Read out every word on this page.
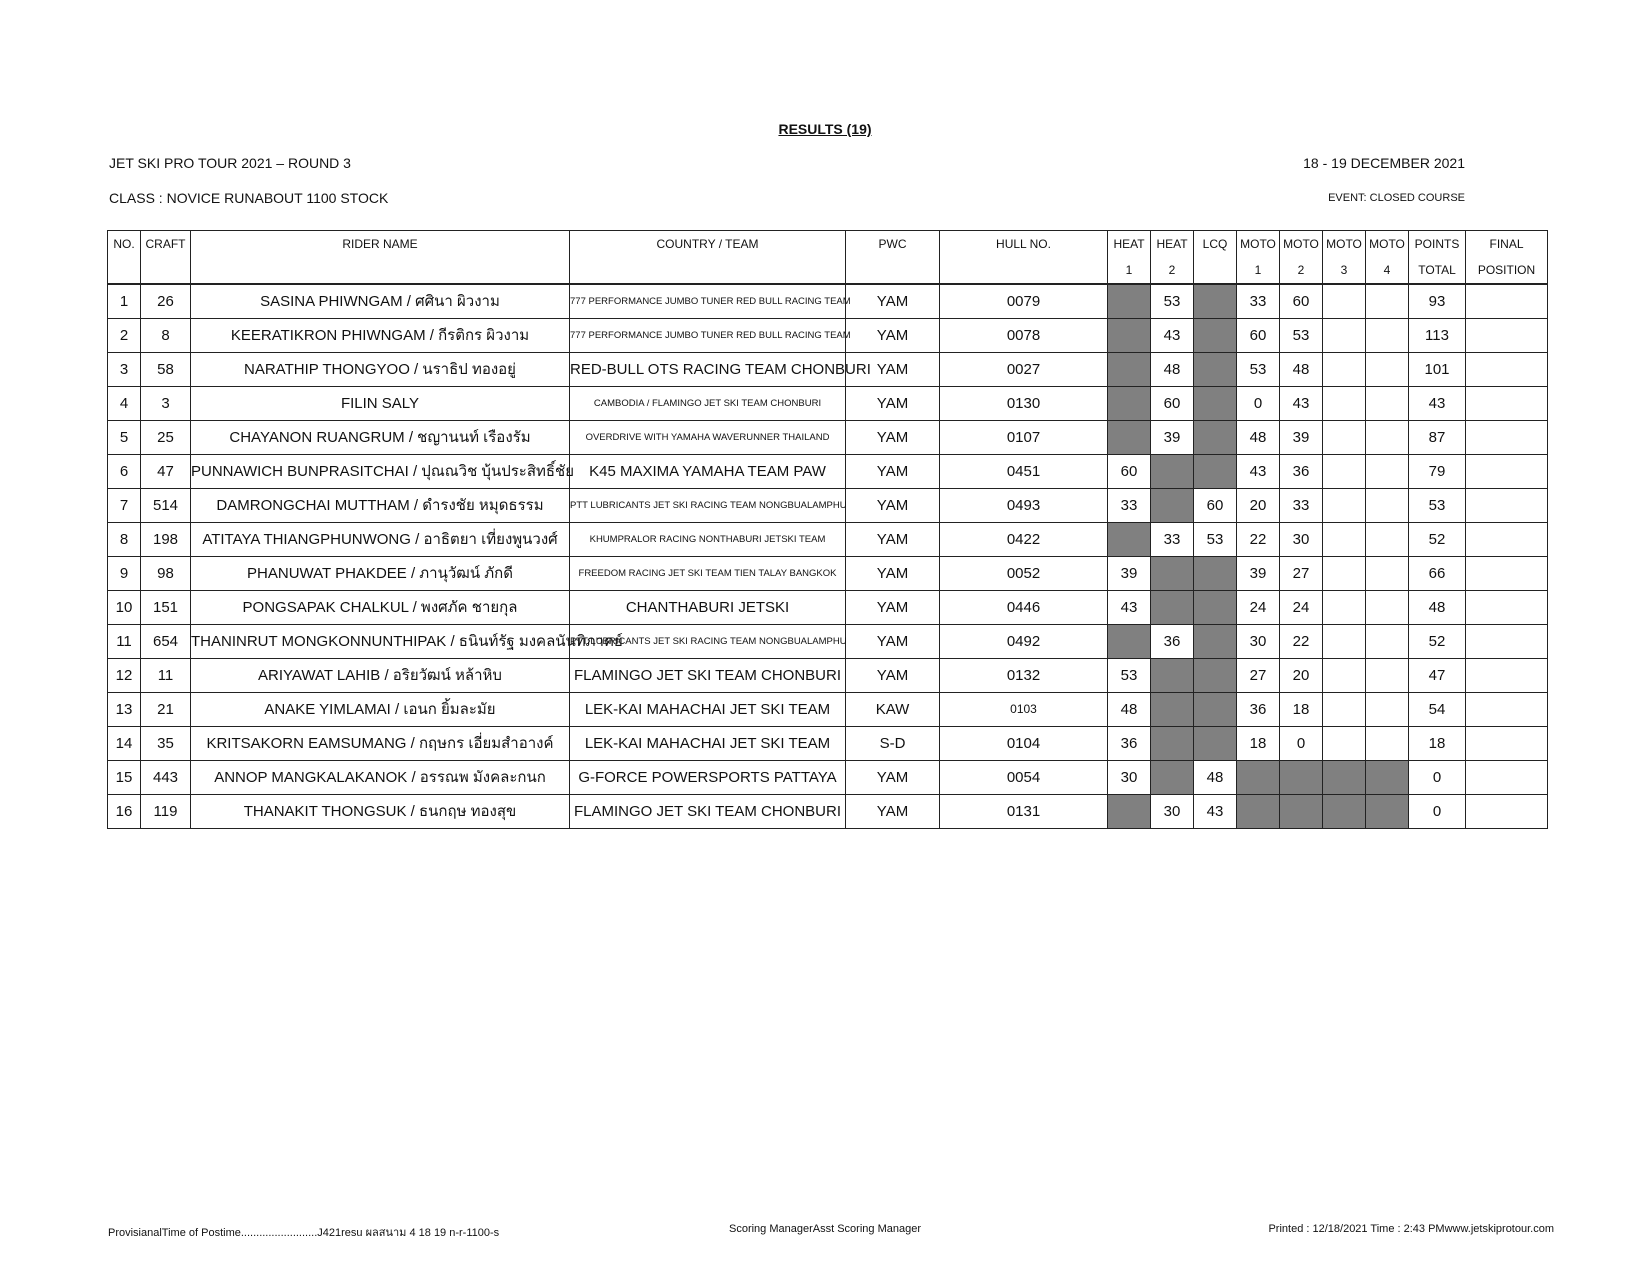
RESULTS (19)
JET SKI PRO TOUR 2021 – ROUND 3	18 - 19 DECEMBER 2021
CLASS : NOVICE RUNABOUT 1100 STOCK	EVENT: CLOSED COURSE
NO.	CRAFT	RIDER NAME	COUNTRY / TEAM	PWC	HULL NO.	HEAT	HEAT	LCQ	MOTO	MOTO	MOTO	MOTO	POINTS	FINAL
						1	2		1	2	3	4	TOTAL	POSITION
1	26	SASINA PHIWNGAM / ศศินา ผิวงาม	777 PERFORMANCE JUMBO TUNER RED BULL RACING TEAM	YAM	0079		53		33	60			93	
2	8	KEERATIKRON PHIWNGAM / กีรติกร ผิวงาม	777 PERFORMANCE JUMBO TUNER RED BULL RACING TEAM	YAM	0078		43		60	53			113	
3	58	NARATHIP THONGYOO / นราธิป ทองอยู่	RED-BULL OTS RACING TEAM CHONBURI	YAM	0027		48		53	48			101	
4	3	FILIN SALY	CAMBODIA / FLAMINGO JET SKI TEAM CHONBURI	YAM	0130		60		0	43			43	
5	25	CHAYANON RUANGRUM / ชญานนท์ เรืองรัม	OVERDRIVE WITH YAMAHA WAVERUNNER THAILAND	YAM	0107		39		48	39			87	
6	47	PUNNAWICH BUNPRASITCHAI / ปุณณวิช บุ้นประสิทธิ์ชัย	K45 MAXIMA YAMAHA TEAM PAW	YAM	0451	60			43	36			79	
7	514	DAMRONGCHAI MUTTHAM / ดำรงชัย หมุดธรรม	PTT LUBRICANTS JET SKI RACING TEAM NONGBUALAMPHU	YAM	0493	33		60	20	33			53	
8	198	ATITAYA THIANGPHUNWONG / อาธิตยา เที่ยงพูนวงศ์	KHUMPRALOR RACING NONTHABURI JETSKI TEAM	YAM	0422		33	53	22	30			52	
9	98	PHANUWAT PHAKDEE / ภานุวัฒน์ ภักดี	FREEDOM RACING JET SKI TEAM TIEN TALAY BANGKOK	YAM	0052	39			39	27			66	
10	151	PONGSAPAK CHALKUL / พงศภัค ชายกุล	CHANTHABURI JETSKI	YAM	0446	43			24	24			48	
11	654	THANINRUT MONGKONNUNTHIPAK / ธนินท์รัฐ มงคลนันทิภาคย์	PTT LUBRICANTS JET SKI RACING TEAM NONGBUALAMPHU	YAM	0492		36		30	22			52	
12	11	ARIYAWAT LAHIB / อริยวัฒน์ หล้าหิบ	FLAMINGO JET SKI TEAM CHONBURI	YAM	0132	53			27	20			47	
13	21	ANAKE YIMLAMAI / เอนก ยิ้มละมัย	LEK-KAI MAHACHAI JET SKI TEAM	KAW	0103	48			36	18			54	
14	35	KRITSAKORN EAMSUMANG / กฤษกร เอี่ยมสำอางค์	LEK-KAI MAHACHAI JET SKI TEAM	S-D	0104	36			18	0			18	
15	443	ANNOP MANGKALAKANOK / อรรณพ มังคละกนก	G-FORCE POWERSPORTS PATTAYA	YAM	0054	30		48					0	
16	119	THANAKIT THONGSUK / ธนกฤษ ทองสุข	FLAMINGO JET SKI TEAM CHONBURI	YAM	0131		30	43					0	
ProvisianalTime of Postime.........................J421resu ผลสนาม 4 18 19 n-r-1100-s	Scoring ManagerAsst Scoring Manager	Printed : 12/18/2021 Time : 2:43 PMwww.jetskiprotour.com
